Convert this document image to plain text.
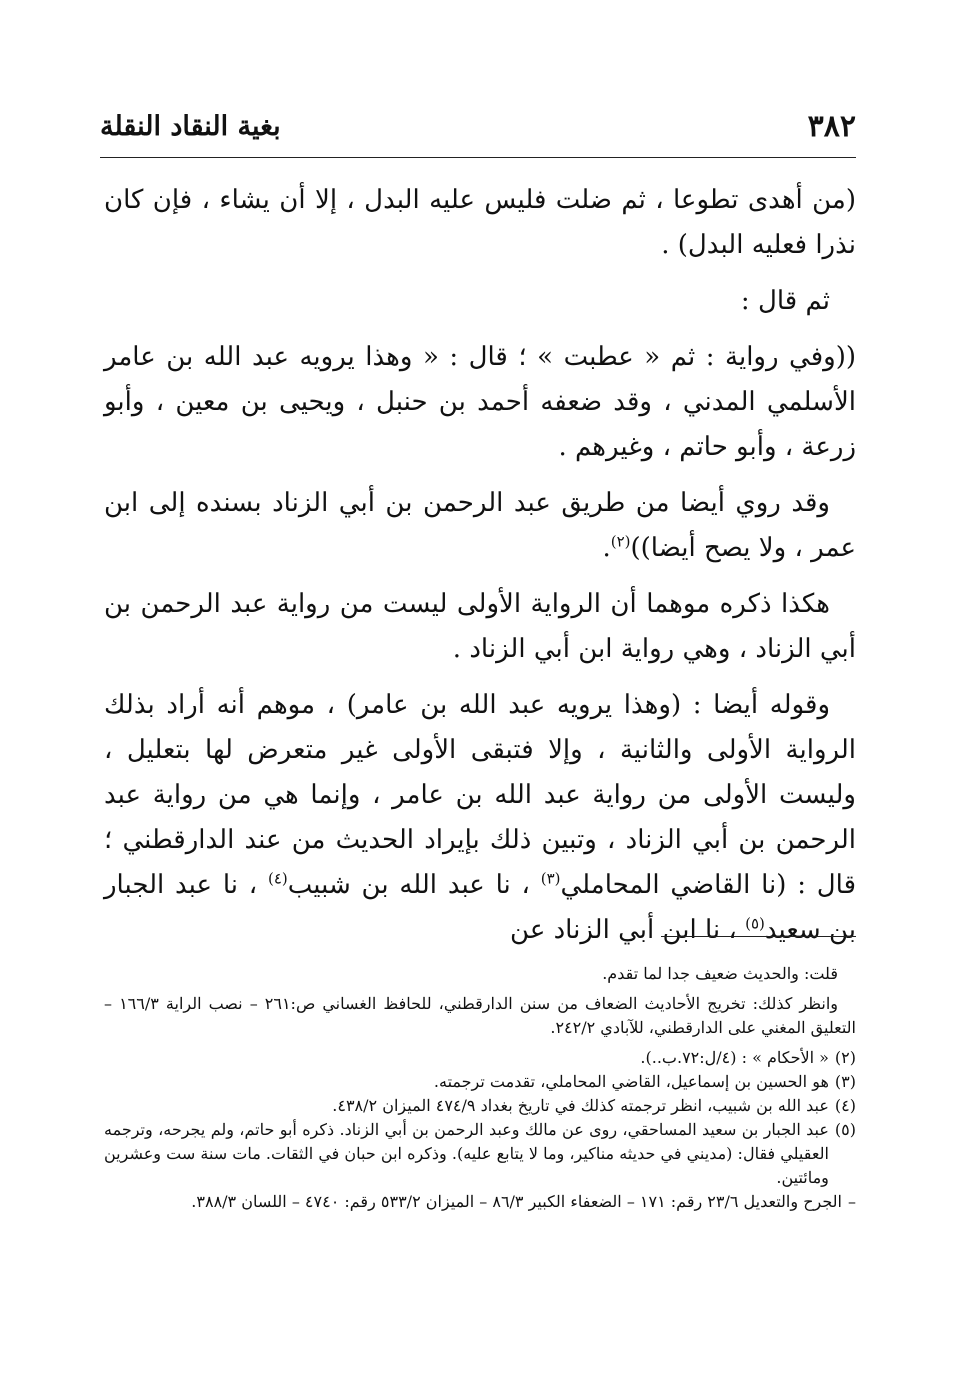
٣٨٢
بغية النقاد النقلة

(من أهدى تطوعا ، ثم ضلت فليس عليه البدل ، إلا أن يشاء ، فإن كان نذرا فعليه البدل) .

ثم قال :

((وفي رواية : ثم « عطبت » ؛ قال : « وهذا يرويه عبد الله بن عامر الأسلمي المدني ، وقد ضعفه أحمد بن حنبل ، ويحيى بن معين ، وأبو زرعة ، وأبو حاتم ، وغيرهم .

وقد روي أيضا من طريق عبد الرحمن بن أبي الزناد بسنده إلى ابن عمر ، ولا يصح أيضا))$^{(٢)}$.

هكذا ذكره موهما أن الرواية الأولى ليست من رواية عبد الرحمن بن أبي الزناد ، وهي رواية ابن أبي الزناد .

وقوله أيضا : (وهذا يرويه عبد الله بن عامر) ، موهم أنه أراد بذلك الرواية الأولى والثانية ، وإلا فتبقى الأولى غير متعرض لها بتعليل ، وليست الأولى من رواية عبد الله بن عامر ، وإنما هي من رواية عبد الرحمن بن أبي الزناد ، وتبين ذلك بإيراد الحديث من عند الدارقطني ؛ قال : (نا القاضي المحاملي$^{(٣)}$ ، نا عبد الله بن شبيب$^{(٤)}$ ، نا عبد الجبار بن سعيد$^{(٥)}$ ، نا ابن أبي الزناد عن

قلت: والحديث ضعيف جدا لما تقدم.

وانظر كذلك: تخريج الأحاديث الضعاف من سنن الدارقطني، للحافظ الغساني ص:٢٦١ – نصب الراية ١٦٦/٣ – التعليق المغني على الدارقطني، للآبادي ٢٤٢/٢.

(٢)
« الأحكام » : (٤/ل:٧٢.ب..).
(٣)
هو الحسين بن إسماعيل، القاضي المحاملي، تقدمت ترجمته.
(٤)
عبد الله بن شبيب، انظر ترجمته كذلك في تاريخ بغداد ٤٧٤/٩ الميزان ٤٣٨/٢.
(٥)
عبد الجبار بن سعيد المساحقي، روى عن مالك وعبد الرحمن بن أبي الزناد. ذكره أبو حاتم، ولم يجرحه، وترجمه العقيلي فقال: (مديني في حديثه مناكير، وما لا يتابع عليه). وذكره ابن حبان في الثقات. مات سنة ست وعشرين ومائتين.
–
الجرح والتعديل ٢٣/٦ رقم: ١٧١ – الضعفاء الكبير ٨٦/٣ – الميزان ٥٣٣/٢ رقم: ٤٧٤٠ – اللسان ٣٨٨/٣.
